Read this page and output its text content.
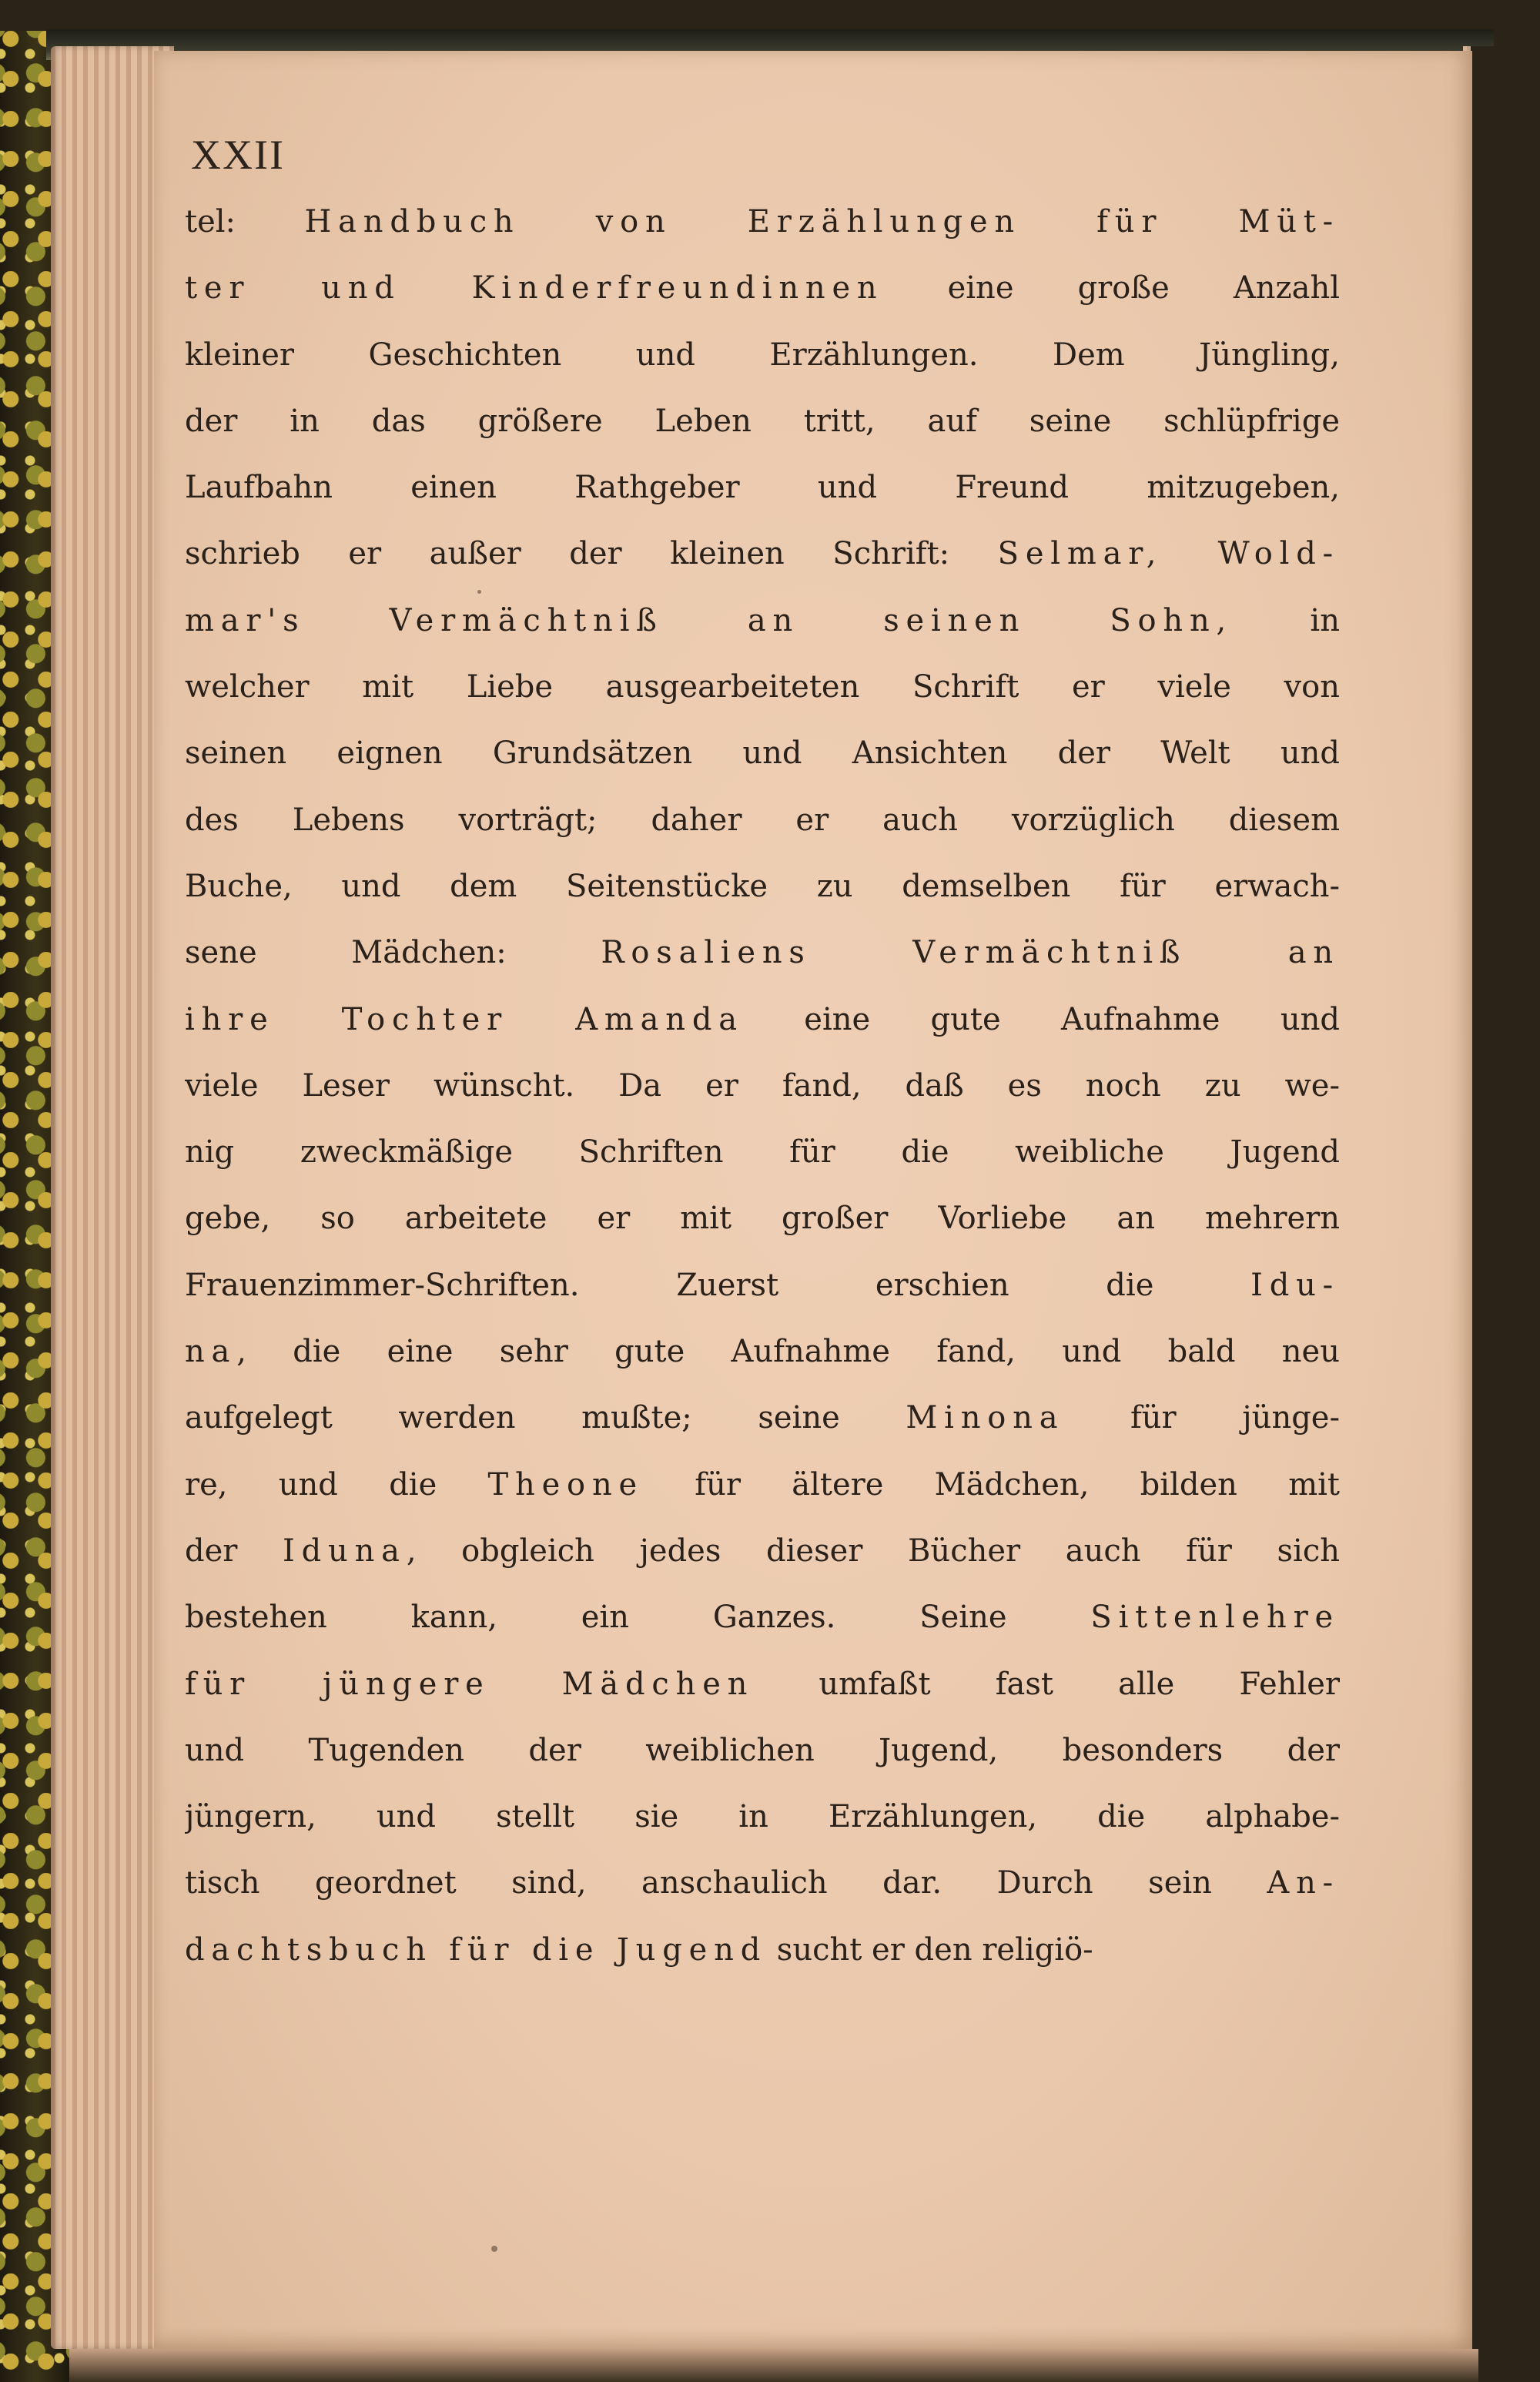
XXII
tel: Handbuch von Erzählungen für Müt-
ter und Kinderfreundinnen eine große Anzahl
kleiner Geschichten und Erzählungen. Dem Jüngling,
der in das größere Leben tritt, auf seine schlüpfrige
Laufbahn einen Rathgeber und Freund mitzugeben,
schrieb er außer der kleinen Schrift: Selmar, Wold-
mar's Vermächtniß an seinen Sohn, in
welcher mit Liebe ausgearbeiteten Schrift er viele von
seinen eignen Grundsätzen und Ansichten der Welt und
des Lebens vorträgt; daher er auch vorzüglich diesem
Buche, und dem Seitenstücke zu demselben für erwach-
sene Mädchen: Rosaliens Vermächtniß an
ihre Tochter Amanda eine gute Aufnahme und
viele Leser wünscht. Da er fand, daß es noch zu we-
nig zweckmäßige Schriften für die weibliche Jugend
gebe, so arbeitete er mit großer Vorliebe an mehrern
Frauenzimmer-Schriften. Zuerst erschien die Idu-
na, die eine sehr gute Aufnahme fand, und bald neu
aufgelegt werden mußte; seine Minona für jünge-
re, und die Theone für ältere Mädchen, bilden mit
der Iduna, obgleich jedes dieser Bücher auch für sich
bestehen kann, ein Ganzes. Seine Sittenlehre
für jüngere Mädchen umfaßt fast alle Fehler
und Tugenden der weiblichen Jugend, besonders der
jüngern, und stellt sie in Erzählungen, die alphabe-
tisch geordnet sind, anschaulich dar. Durch sein An-
dachtsbuch für die Jugend sucht er den religiö-
